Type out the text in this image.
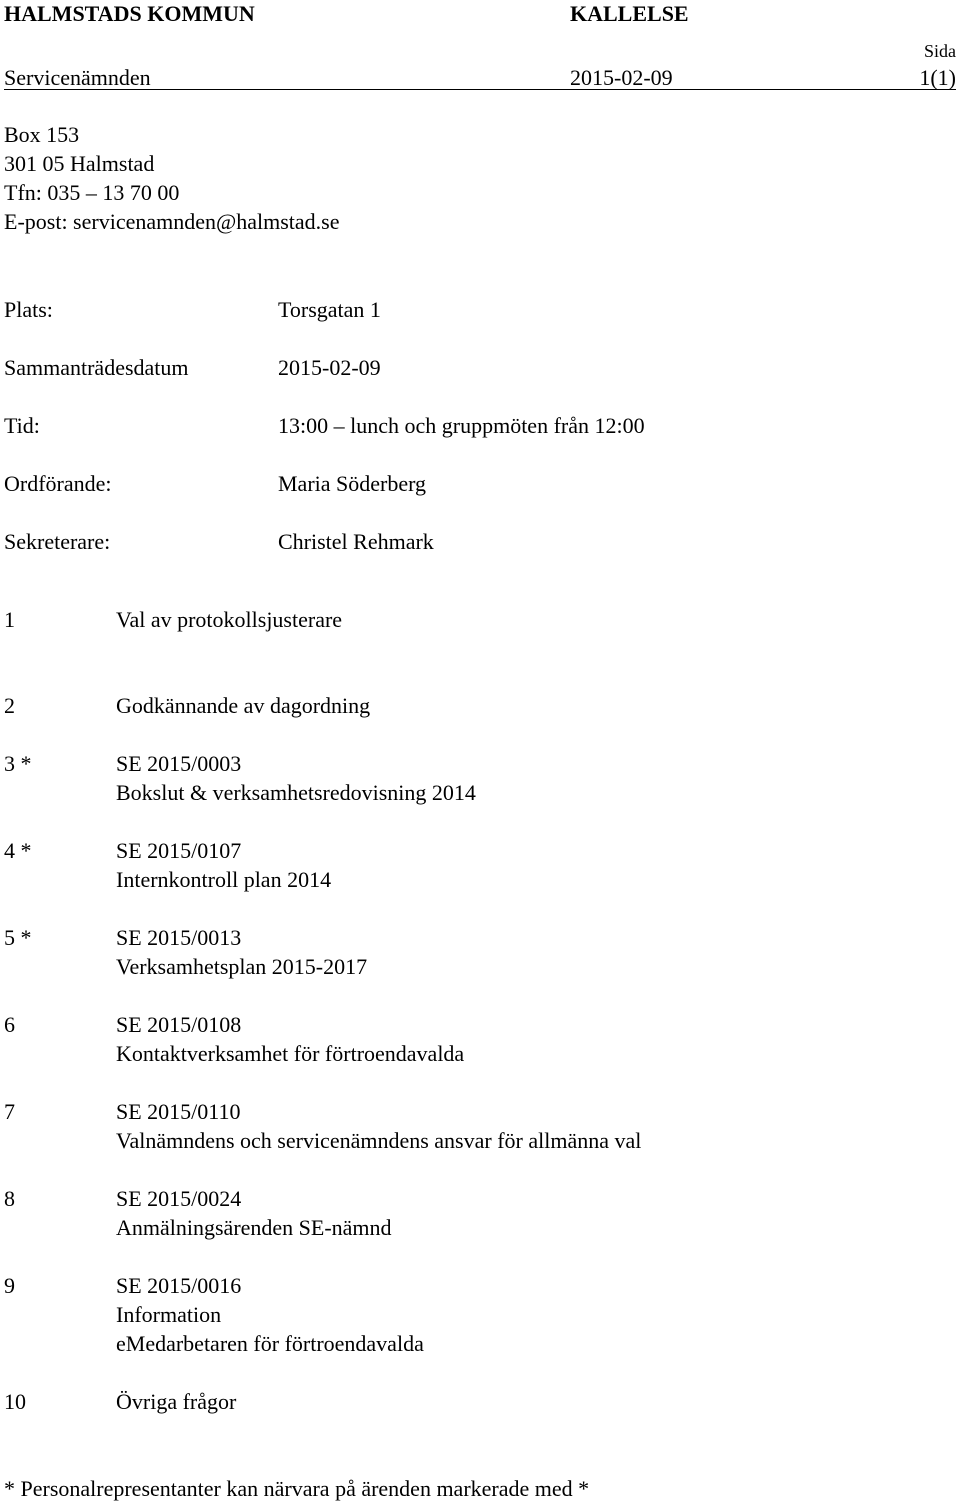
HALMSTADS KOMMUN	KALLELSE
Sida
Servicenämnden	2015-02-09	1(1)
Box 153
301 05 Halmstad
Tfn: 035 – 13 70 00
E-post: servicenamnden@halmstad.se
Plats:	Torsgatan 1
Sammanträdesdatum	2015-02-09
Tid:	13:00 – lunch och gruppmöten från 12:00
Ordförande:	Maria Söderberg
Sekreterare:	Christel Rehmark
1	Val av protokollsjusterare
2	Godkännande av dagordning
3 *	SE 2015/0003
Bokslut & verksamhetsredovisning 2014
4 *	SE 2015/0107
Internkontroll plan 2014
5 *	SE 2015/0013
Verksamhetsplan 2015-2017
6	SE 2015/0108
Kontaktverksamhet för förtroendavalda
7	SE 2015/0110
Valnämndens och servicenämndens ansvar för allmänna val
8	SE 2015/0024
Anmälningsärenden SE-nämnd
9	SE 2015/0016
Information
eMedarbetaren för förtroendavalda
10	Övriga frågor
* Personalrepresentanter kan närvara på ärenden markerade med *
